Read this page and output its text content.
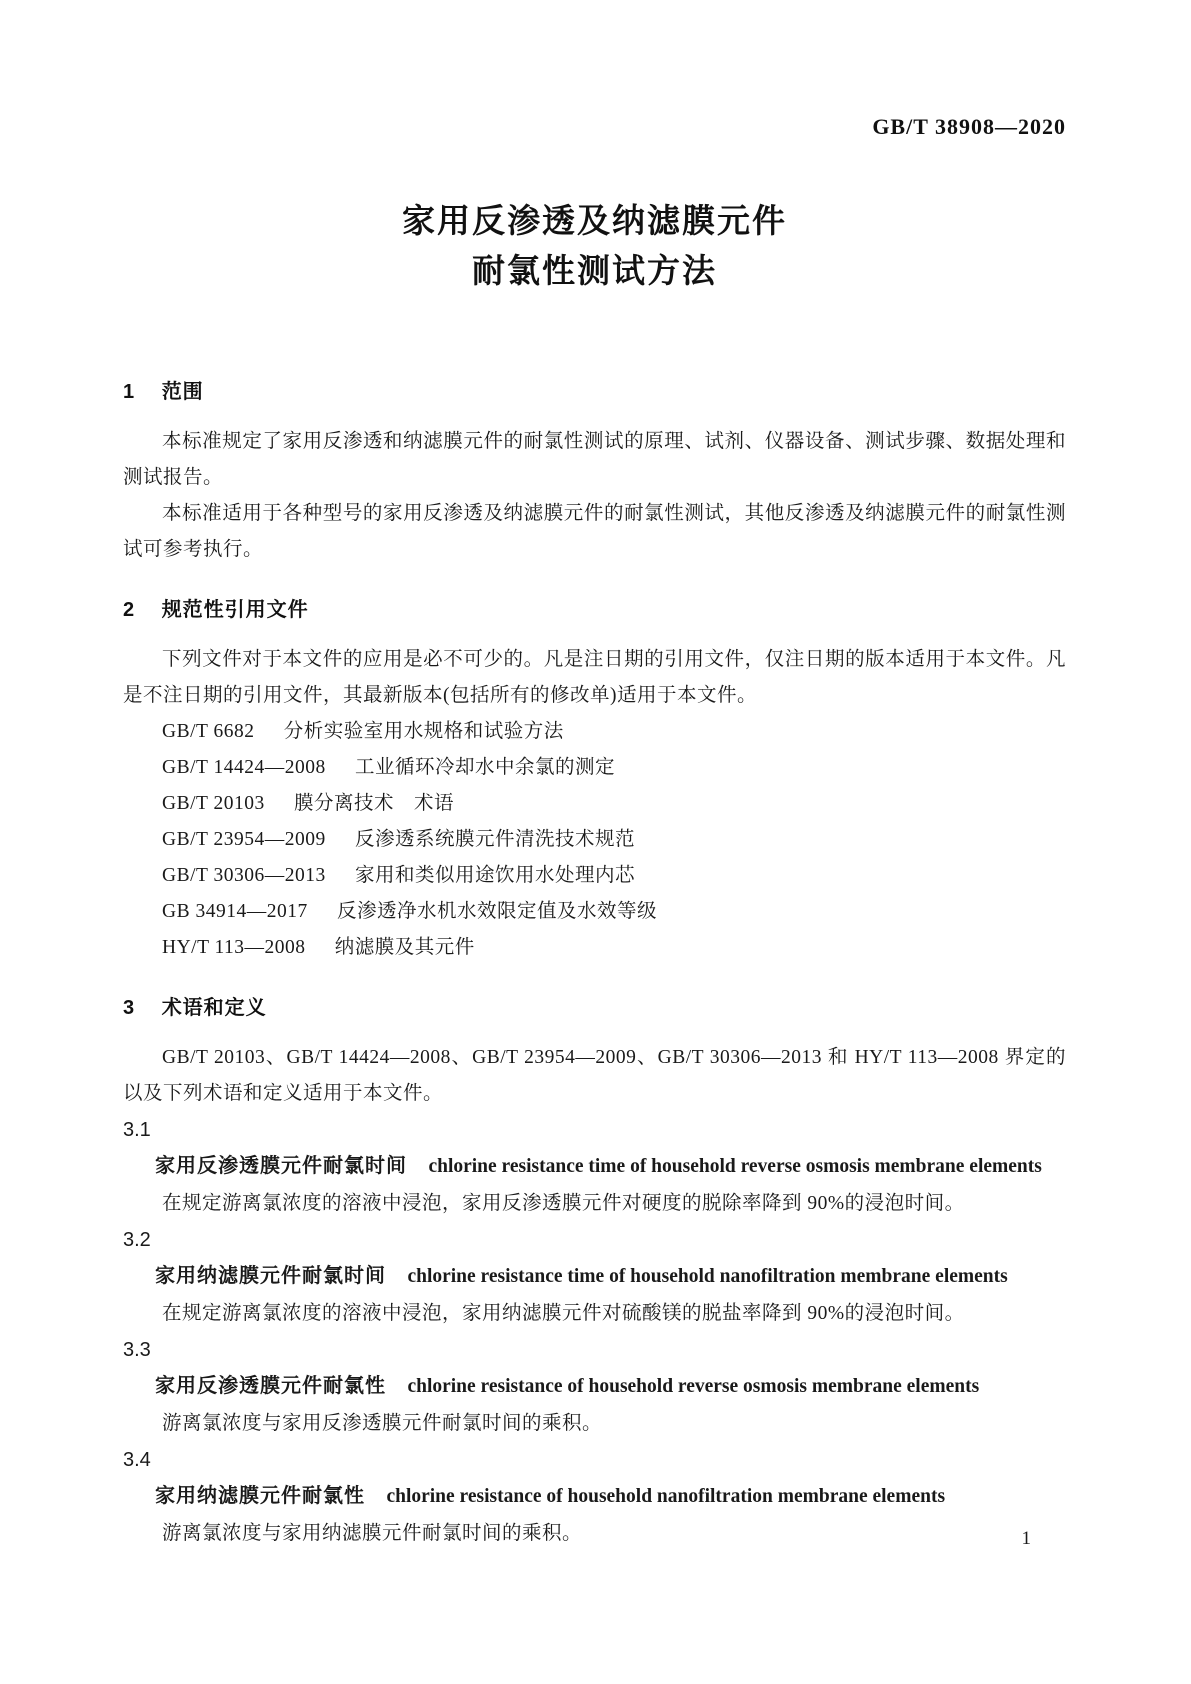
GB/T 38908—2020
家用反渗透及纳滤膜元件
耐氯性测试方法
1 范围

本标准规定了家用反渗透和纳滤膜元件的耐氯性测试的原理、试剂、仪器设备、测试步骤、数据处理和测试报告。

本标准适用于各种型号的家用反渗透及纳滤膜元件的耐氯性测试，其他反渗透及纳滤膜元件的耐氯性测试可参考执行。

2 规范性引用文件

下列文件对于本文件的应用是必不可少的。凡是注日期的引用文件，仅注日期的版本适用于本文件。凡是不注日期的引用文件，其最新版本(包括所有的修改单)适用于本文件。

GB/T 6682 分析实验室用水规格和试验方法

GB/T 14424—2008 工业循环冷却水中余氯的测定

GB/T 20103 膜分离技术　术语

GB/T 23954—2009 反渗透系统膜元件清洗技术规范

GB/T 30306—2013 家用和类似用途饮用水处理内芯

GB 34914—2017 反渗透净水机水效限定值及水效等级

HY/T 113—2008 纳滤膜及其元件

3 术语和定义

GB/T 20103、GB/T 14424—2008、GB/T 23954—2009、GB/T 30306—2013 和 HY/T 113—2008 界定的以及下列术语和定义适用于本文件。

3.1

家用反渗透膜元件耐氯时间 chlorine resistance time of household reverse osmosis membrane elements

在规定游离氯浓度的溶液中浸泡，家用反渗透膜元件对硬度的脱除率降到 90%的浸泡时间。

3.2

家用纳滤膜元件耐氯时间 chlorine resistance time of household nanofiltration membrane elements

在规定游离氯浓度的溶液中浸泡，家用纳滤膜元件对硫酸镁的脱盐率降到 90%的浸泡时间。

3.3

家用反渗透膜元件耐氯性 chlorine resistance of household reverse osmosis membrane elements

游离氯浓度与家用反渗透膜元件耐氯时间的乘积。

3.4

家用纳滤膜元件耐氯性 chlorine resistance of household nanofiltration membrane elements

游离氯浓度与家用纳滤膜元件耐氯时间的乘积。	1
